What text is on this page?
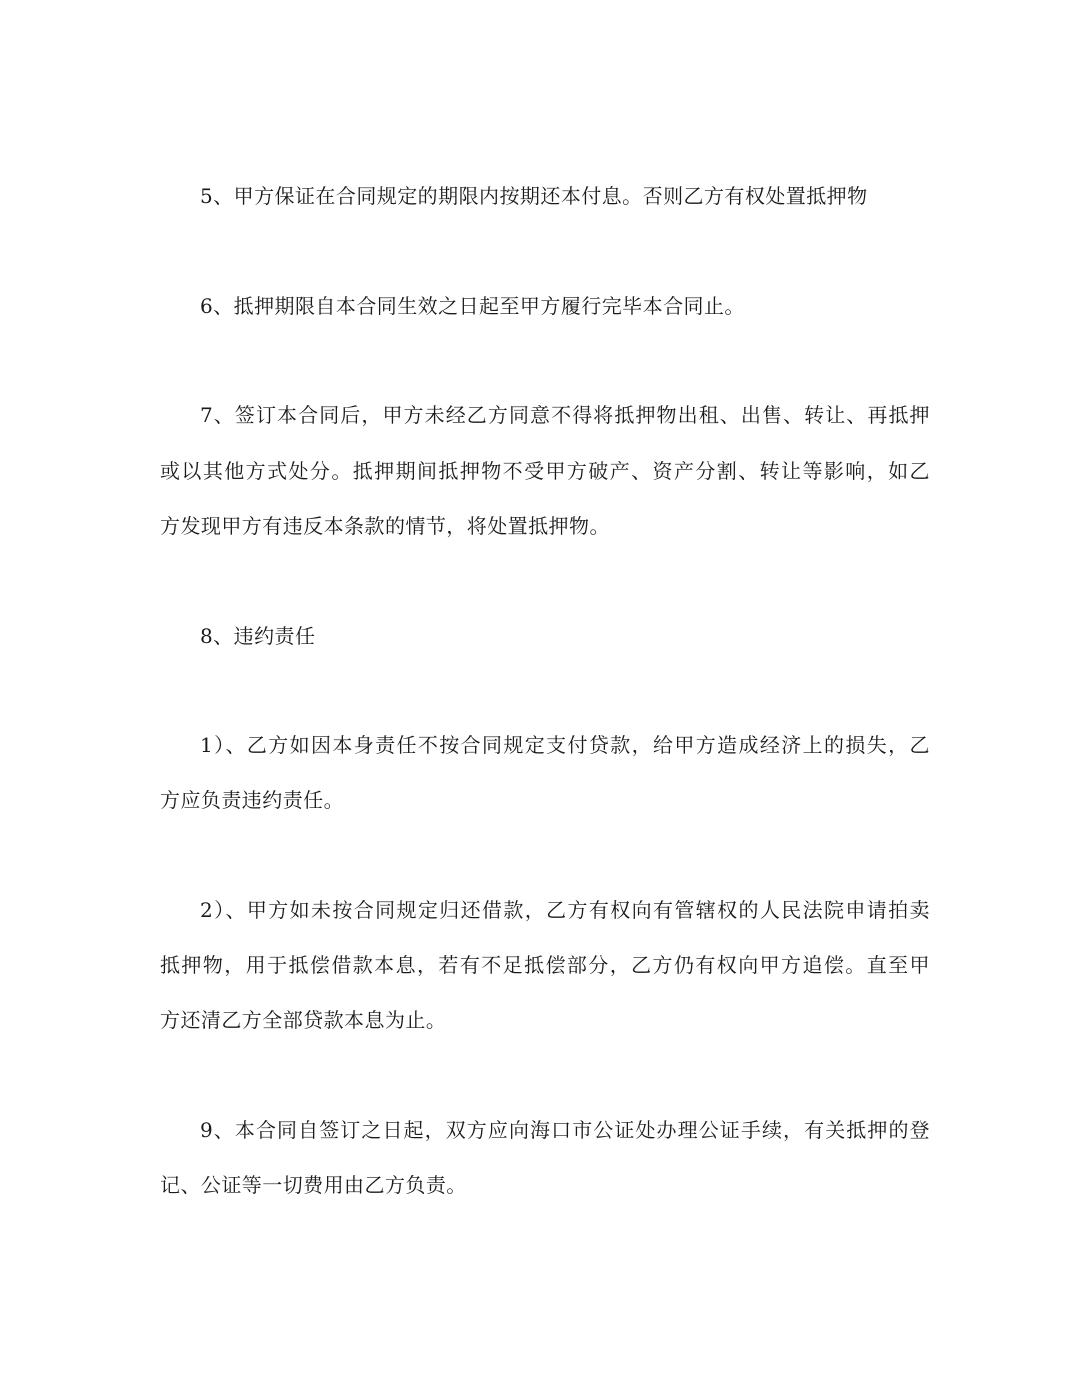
5、甲方保证在合同规定的期限内按期还本付息。否则乙方有权处置抵押物

6、抵押期限自本合同生效之日起至甲方履行完毕本合同止。

7、签订本合同后，甲方未经乙方同意不得将抵押物出租、出售、转让、再抵押

或以其他方式处分。抵押期间抵押物不受甲方破产、资产分割、转让等影响，如乙

方发现甲方有违反本条款的情节，将处置抵押物。

8、违约责任

1）、乙方如因本身责任不按合同规定支付贷款，给甲方造成经济上的损失，乙

方应负责违约责任。

2）、甲方如未按合同规定归还借款，乙方有权向有管辖权的人民法院申请拍卖

抵押物，用于抵偿借款本息，若有不足抵偿部分，乙方仍有权向甲方追偿。直至甲

方还清乙方全部贷款本息为止。

9、本合同自签订之日起，双方应向海口市公证处办理公证手续，有关抵押的登

记、公证等一切费用由乙方负责。
